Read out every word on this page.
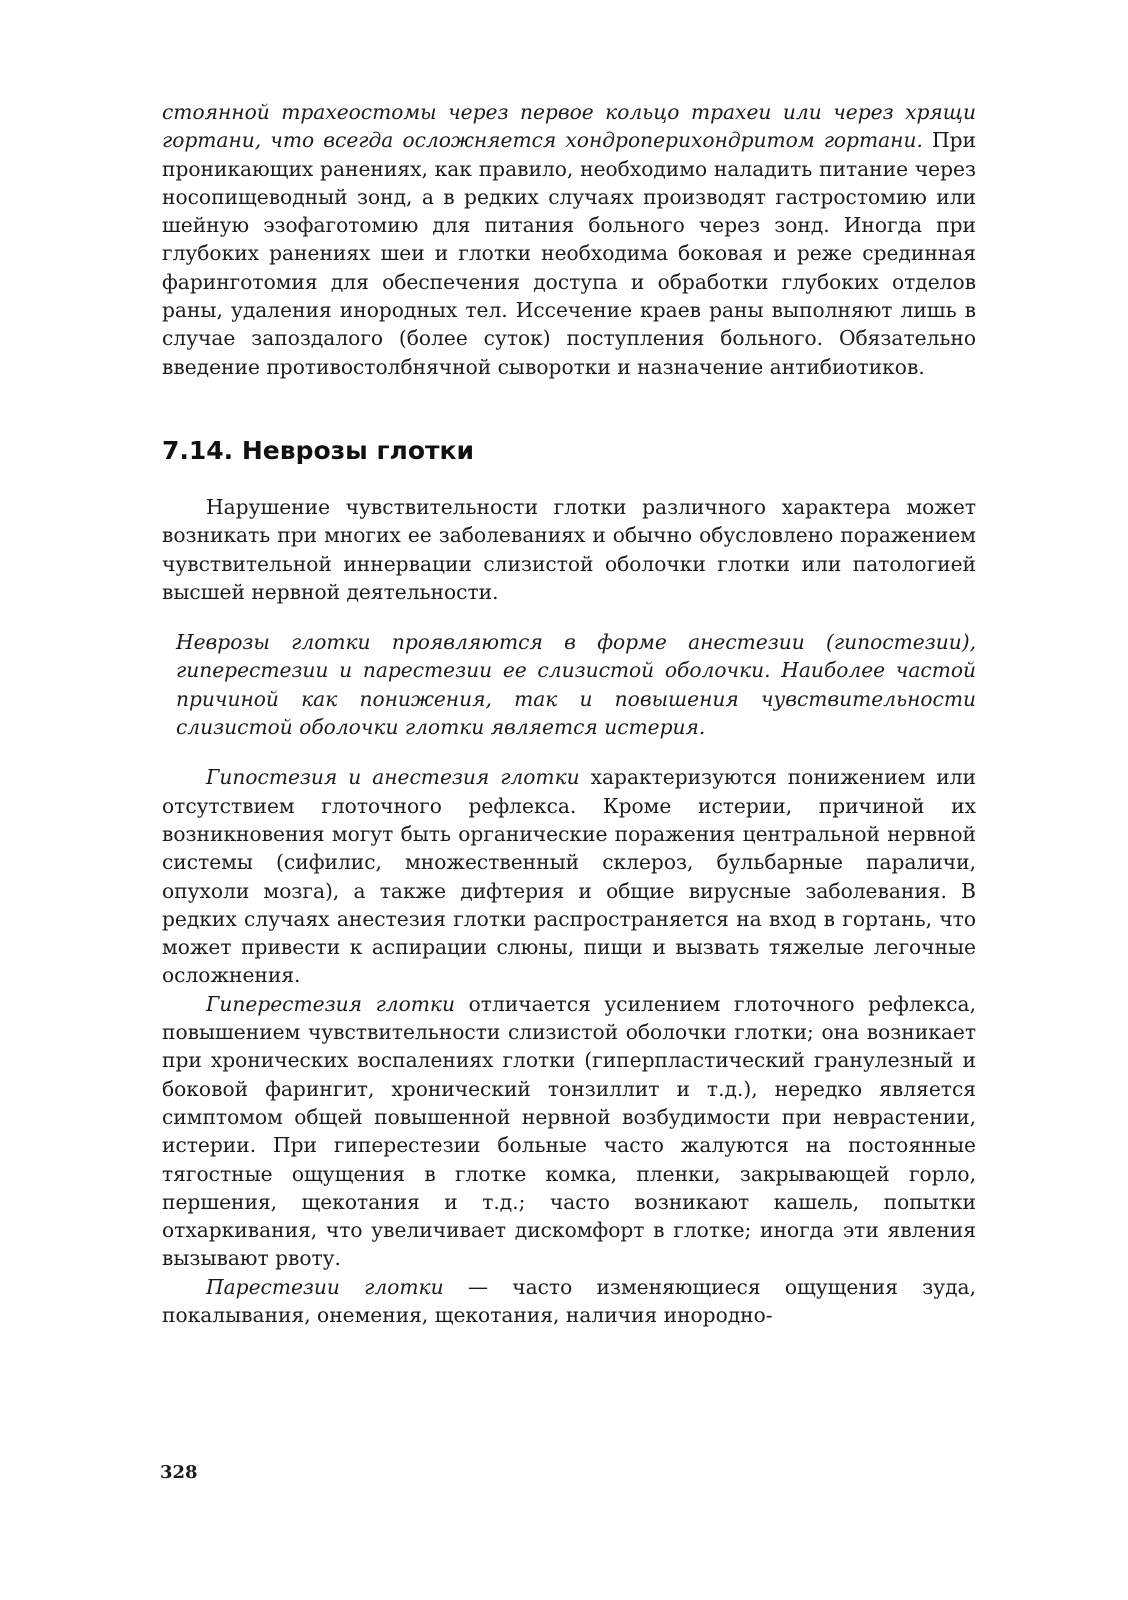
стоянной трахеостомы через первое кольцо трахеи или через хрящи гортани, что всегда осложняется хондроперихондритом гортани. При проникающих ранениях, как правило, необходимо наладить питание через носопищеводный зонд, а в редких случаях производят гастростомию или шейную эзофаготомию для питания больного через зонд. Иногда при глубоких ранениях шеи и глотки необходима боковая и реже срединная фаринготомия для обеспечения доступа и обработки глубоких отделов раны, удаления инородных тел. Иссечение краев раны выполняют лишь в случае запоздалого (более суток) поступления больного. Обязательно введение противостолбнячной сыворотки и назначение антибиотиков.

7.14. Неврозы глотки

Нарушение чувствительности глотки различного характера может возникать при многих ее заболеваниях и обычно обусловлено поражением чувствительной иннервации слизистой оболочки глотки или патологией высшей нервной деятельности.

Неврозы глотки проявляются в форме анестезии (гипостезии), гиперестезии и парестезии ее слизистой оболочки. Наиболее частой причиной как понижения, так и повышения чувствительности слизистой оболочки глотки является истерия.

Гипостезия и анестезия глотки характеризуются понижением или отсутствием глоточного рефлекса. Кроме истерии, причиной их возникновения могут быть органические поражения центральной нервной системы (сифилис, множественный склероз, бульбарные параличи, опухоли мозга), а также дифтерия и общие вирусные заболевания. В редких случаях анестезия глотки распространяется на вход в гортань, что может привести к аспирации слюны, пищи и вызвать тяжелые легочные осложнения.

Гиперестезия глотки отличается усилением глоточного рефлекса, повышением чувствительности слизистой оболочки глотки; она возникает при хронических воспалениях глотки (гиперпластический гранулезный и боковой фарингит, хронический тонзиллит и т.д.), нередко является симптомом общей повышенной нервной возбудимости при неврастении, истерии. При гиперестезии больные часто жалуются на постоянные тягостные ощущения в глотке комка, пленки, закрывающей горло, першения, щекотания и т.д.; часто возникают кашель, попытки отхаркивания, что увеличивает дискомфорт в глотке; иногда эти явления вызывают рвоту.

Парестезии глотки — часто изменяющиеся ощущения зуда, покалывания, онемения, щекотания, наличия инородно-

328
